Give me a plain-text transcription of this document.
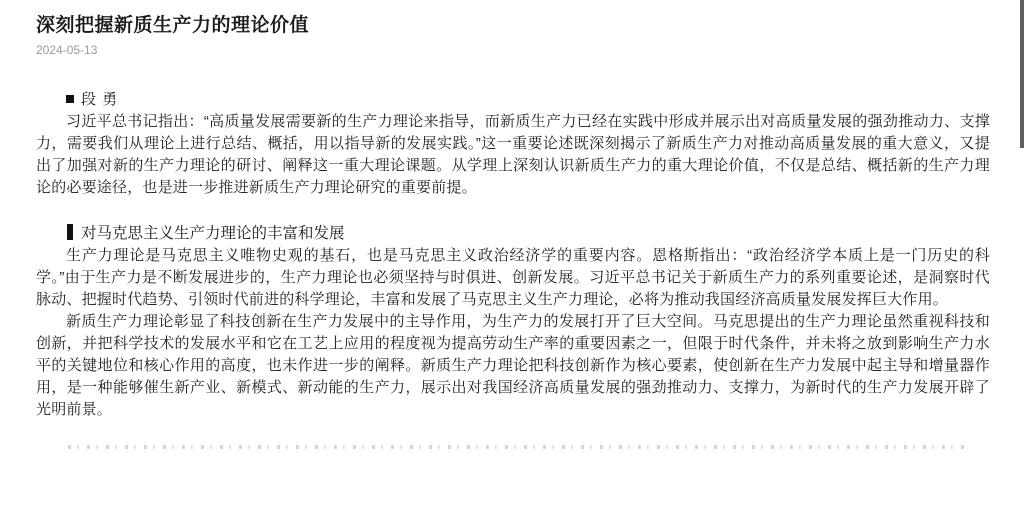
深刻把握新质生产力的理论价值
2024-05-13
段 勇

习近平总书记指出：“高质量发展需要新的生产力理论来指导，而新质生产力已经在实践中形成并展示出对高质量发展的强劲推动力、支撑力，需要我们从理论上进行总结、概括，用以指导新的发展实践。”这一重要论述既深刻揭示了新质生产力对推动高质量发展的重大意义，又提出了加强对新的生产力理论的研讨、阐释这一重大理论课题。从学理上深刻认识新质生产力的重大理论价值，不仅是总结、概括新的生产力理论的必要途径，也是进一步推进新质生产力理论研究的重要前提。

对马克思主义生产力理论的丰富和发展

生产力理论是马克思主义唯物史观的基石，也是马克思主义政治经济学的重要内容。恩格斯指出：“政治经济学本质上是一门历史的科学。”由于生产力是不断发展进步的，生产力理论也必须坚持与时俱进、创新发展。习近平总书记关于新质生产力的系列重要论述，是洞察时代脉动、把握时代趋势、引领时代前进的科学理论，丰富和发展了马克思主义生产力理论，必将为推动我国经济高质量发展发挥巨大作用。

新质生产力理论彰显了科技创新在生产力发展中的主导作用，为生产力的发展打开了巨大空间。马克思提出的生产力理论虽然重视科技和创新，并把科学技术的发展水平和它在工艺上应用的程度视为提高劳动生产率的重要因素之一，但限于时代条件，并未将之放到影响生产力水平的关键地位和核心作用的高度，也未作进一步的阐释。新质生产力理论把科技创新作为核心要素，使创新在生产力发展中起主导和增量器作用，是一种能够催生新产业、新模式、新动能的生产力，展示出对我国经济高质量发展的强劲推动力、支撑力，为新时代的生产力发展开辟了光明前景。
